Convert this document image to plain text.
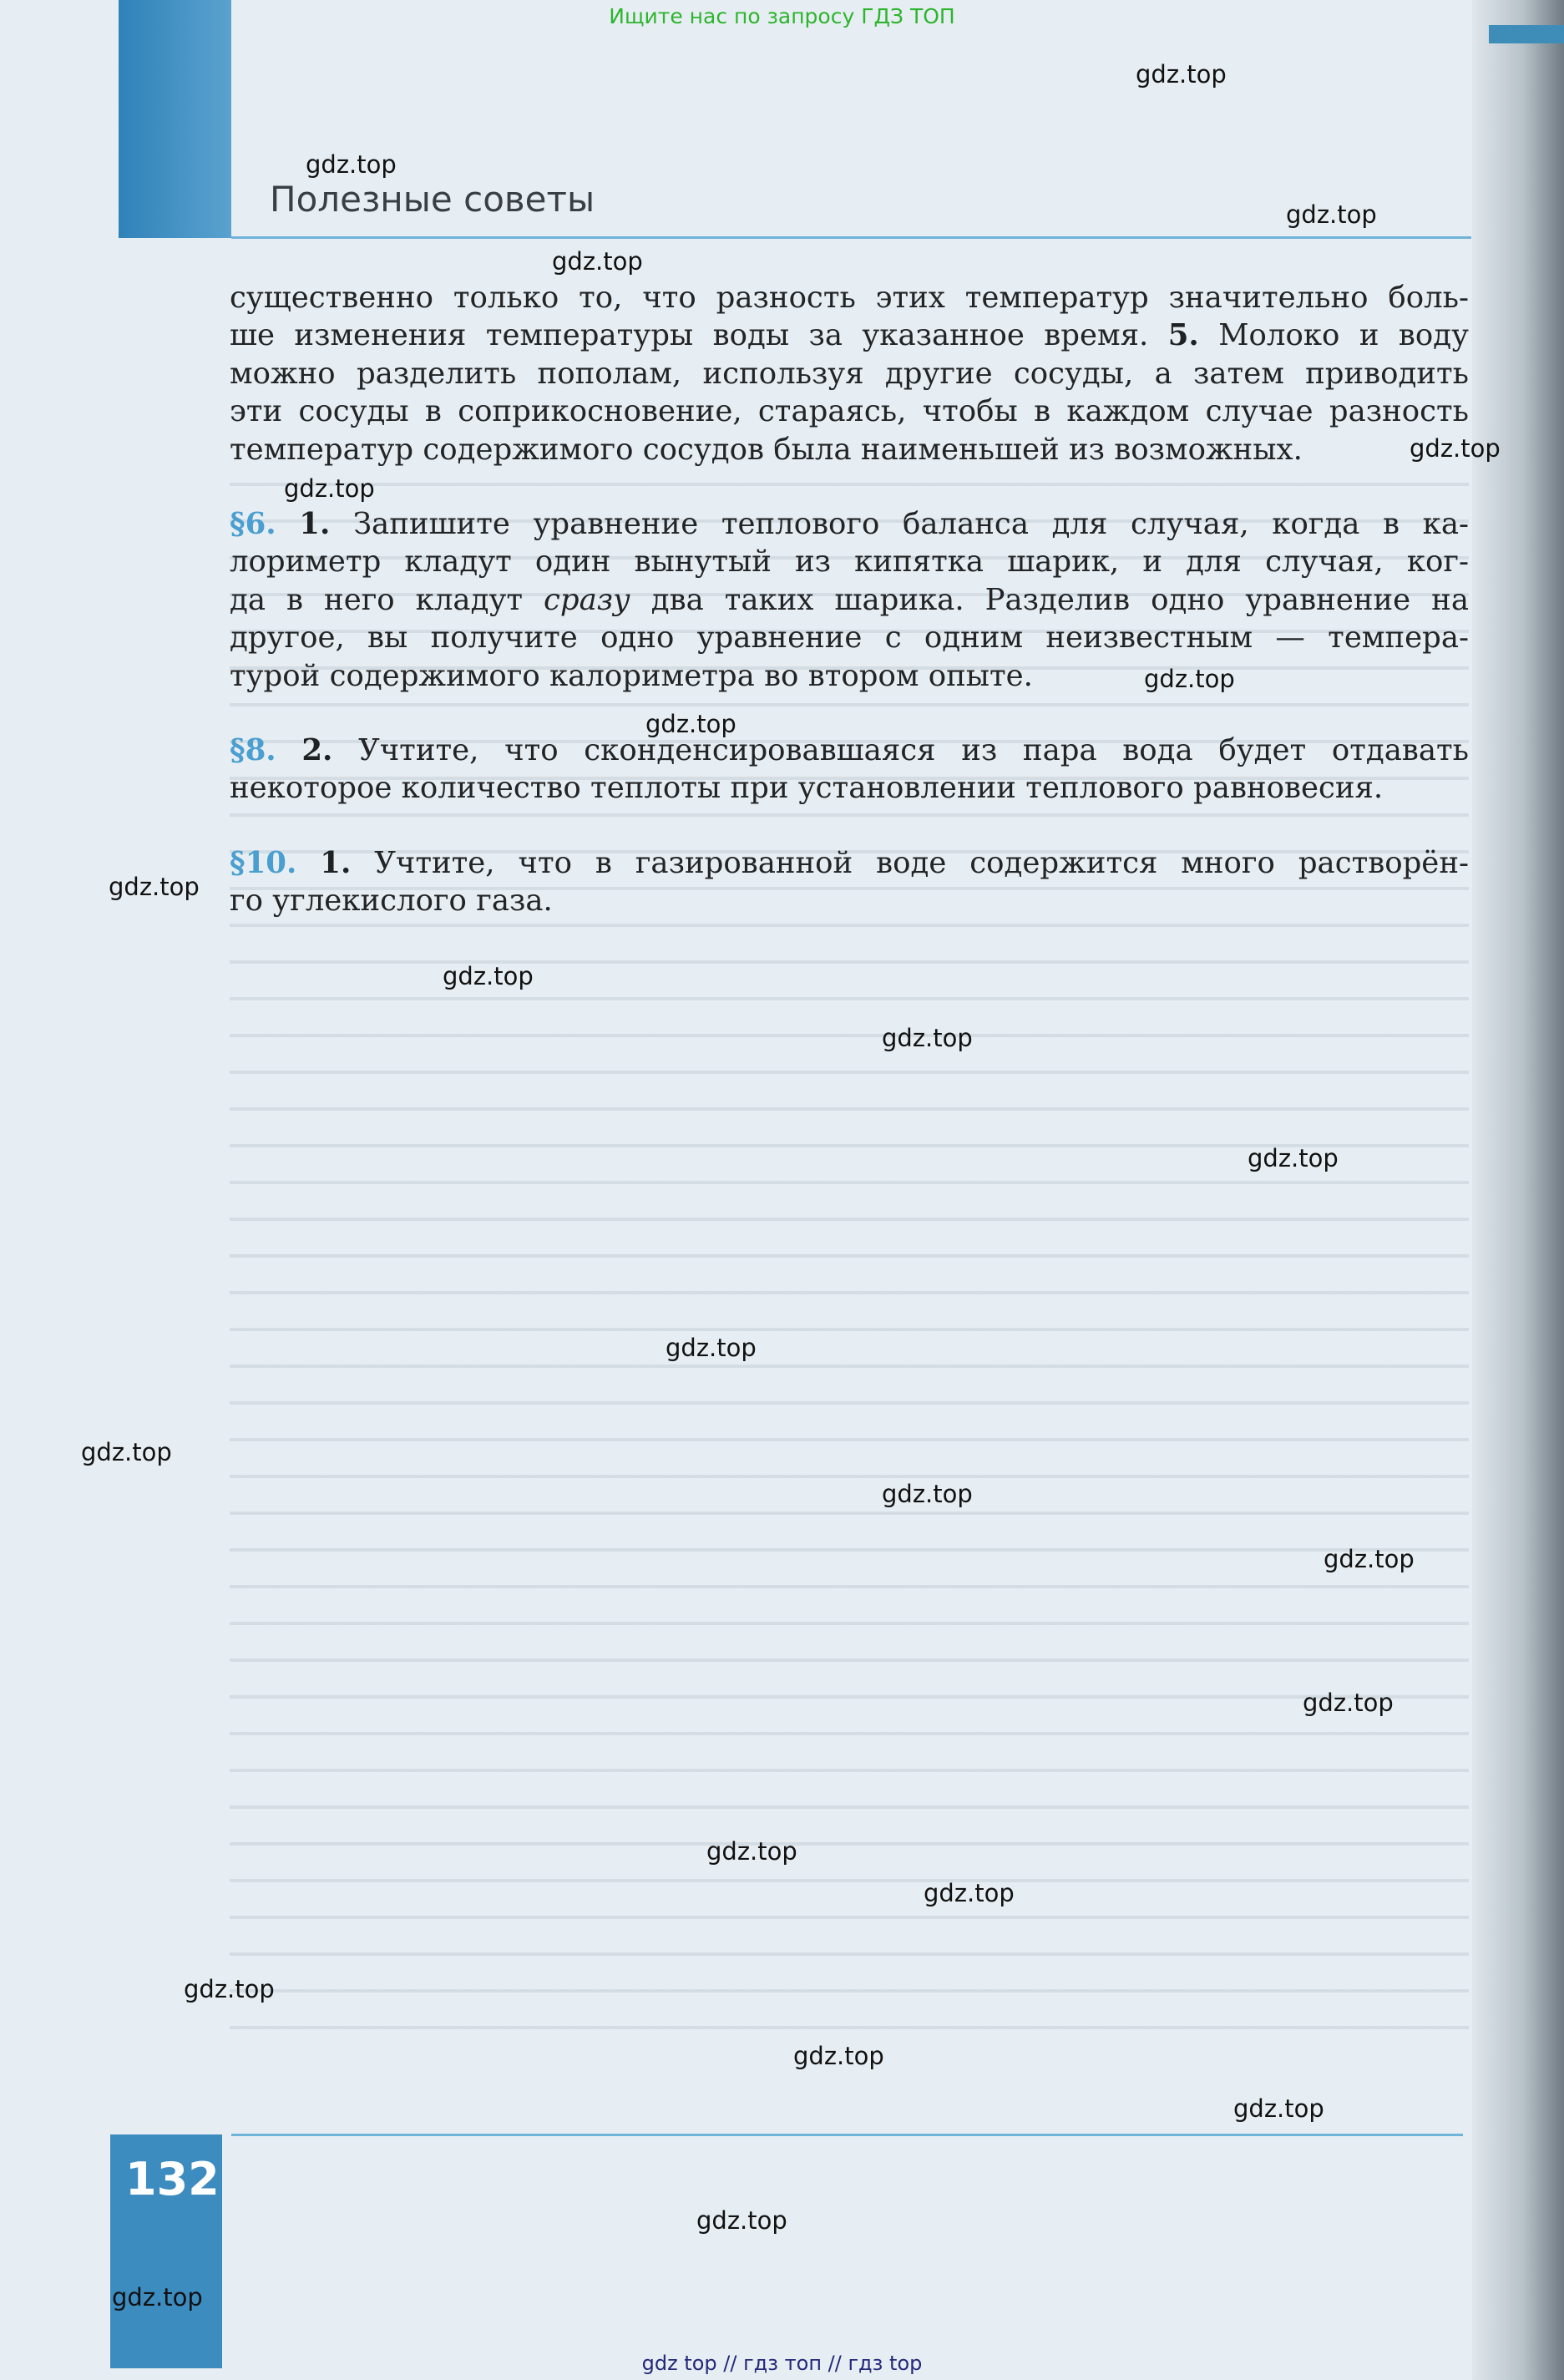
Полезные советы
существенно только то, что разность этих температур значительно боль-
ше изменения температуры воды за указанное время. 5. Молоко и воду
можно разделить пополам, используя другие сосуды, а затем приводить
эти сосуды в соприкосновение, стараясь, чтобы в каждом случае разность
температур содержимого сосудов была наименьшей из возможных.
§6. 1. Запишите уравнение теплового баланса для случая, когда в ка-
лориметр кладут один вынутый из кипятка шарик, и для случая, ког-
да в него кладут сразу два таких шарика. Разделив одно уравнение на
другое, вы получите одно уравнение с одним неизвестным — темпера-
турой содержимого калориметра во втором опыте.
§8. 2. Учтите, что сконденсировавшаяся из пара вода будет отдавать
некоторое количество теплоты при установлении теплового равновесия.
§10. 1. Учтите, что в газированной воде содержится много растворён-
го углекислого газа.
132
Ищите нас по запросу ГДЗ ТОП
gdz top // гдз топ // гдз top
gdz.top
gdz.top
gdz.top
gdz.top
gdz.top
gdz.top
gdz.top
gdz.top
gdz.top
gdz.top
gdz.top
gdz.top
gdz.top
gdz.top
gdz.top
gdz.top
gdz.top
gdz.top
gdz.top
gdz.top
gdz.top
gdz.top
gdz.top
gdz.top
